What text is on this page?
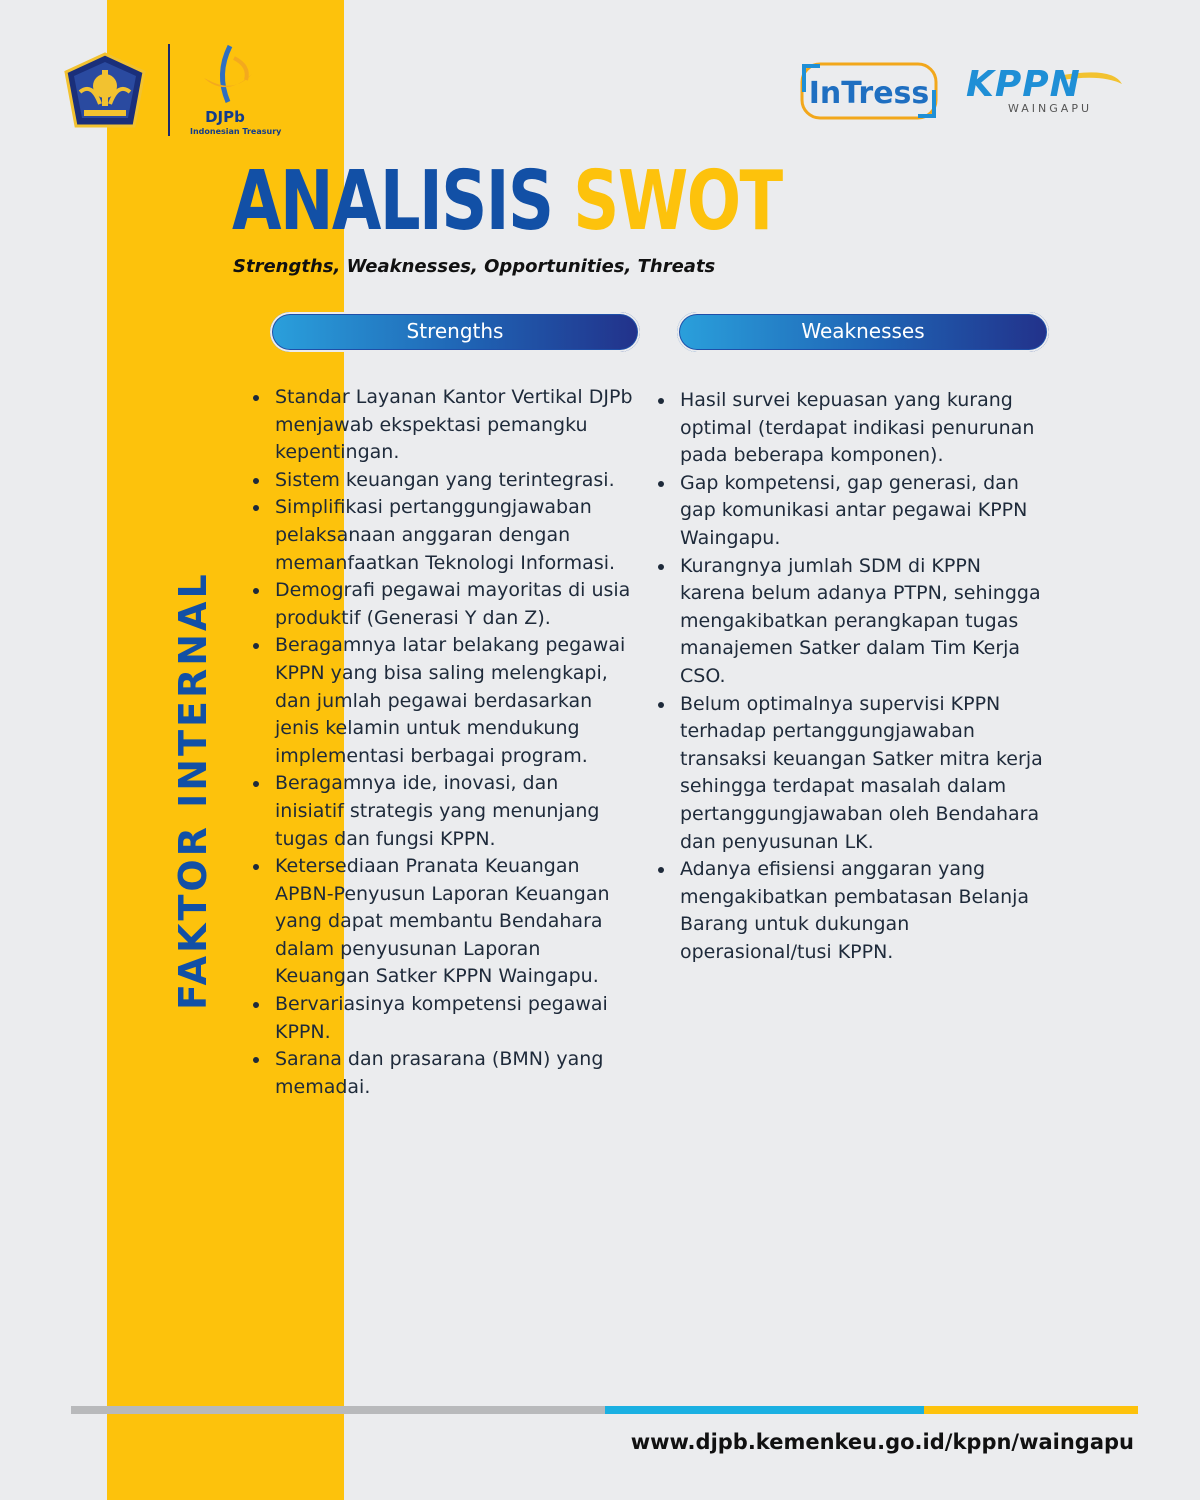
DJPb
Indonesian Treasury
InTress KPPN
WAINGAPU
ANALISIS SWOT
Strengths, Weaknesses, Opportunities, Threats
Strengths	Weaknesses
FAKTOR INTERNAL
• Standar Layanan Kantor Vertikal DJPb menjawab ekspektasi pemangku kepentingan.
• Sistem keuangan yang terintegrasi.
• Simplifikasi pertanggungjawaban pelaksanaan anggaran dengan memanfaatkan Teknologi Informasi.
• Demografi pegawai mayoritas di usia produktif (Generasi Y dan Z).
• Beragamnya latar belakang pegawai KPPN yang bisa saling melengkapi, dan jumlah pegawai berdasarkan jenis kelamin untuk mendukung implementasi berbagai program.
• Beragamnya ide, inovasi, dan inisiatif strategis yang menunjang tugas dan fungsi KPPN.
• Ketersediaan Pranata Keuangan APBN-Penyusun Laporan Keuangan yang dapat membantu Bendahara dalam penyusunan Laporan Keuangan Satker KPPN Waingapu.
• Bervariasinya kompetensi pegawai KPPN.
• Sarana dan prasarana (BMN) yang memadai.
• Hasil survei kepuasan yang kurang optimal (terdapat indikasi penurunan pada beberapa komponen).
• Gap kompetensi, gap generasi, dan gap komunikasi antar pegawai KPPN Waingapu.
• Kurangnya jumlah SDM di KPPN karena belum adanya PTPN, sehingga mengakibatkan perangkapan tugas manajemen Satker dalam Tim Kerja CSO.
• Belum optimalnya supervisi KPPN terhadap pertanggungjawaban transaksi keuangan Satker mitra kerja sehingga terdapat masalah dalam pertanggungjawaban oleh Bendahara dan penyusunan LK.
• Adanya efisiensi anggaran yang mengakibatkan pembatasan Belanja Barang untuk dukungan operasional/tusi KPPN.
www.djpb.kemenkeu.go.id/kppn/waingapu
